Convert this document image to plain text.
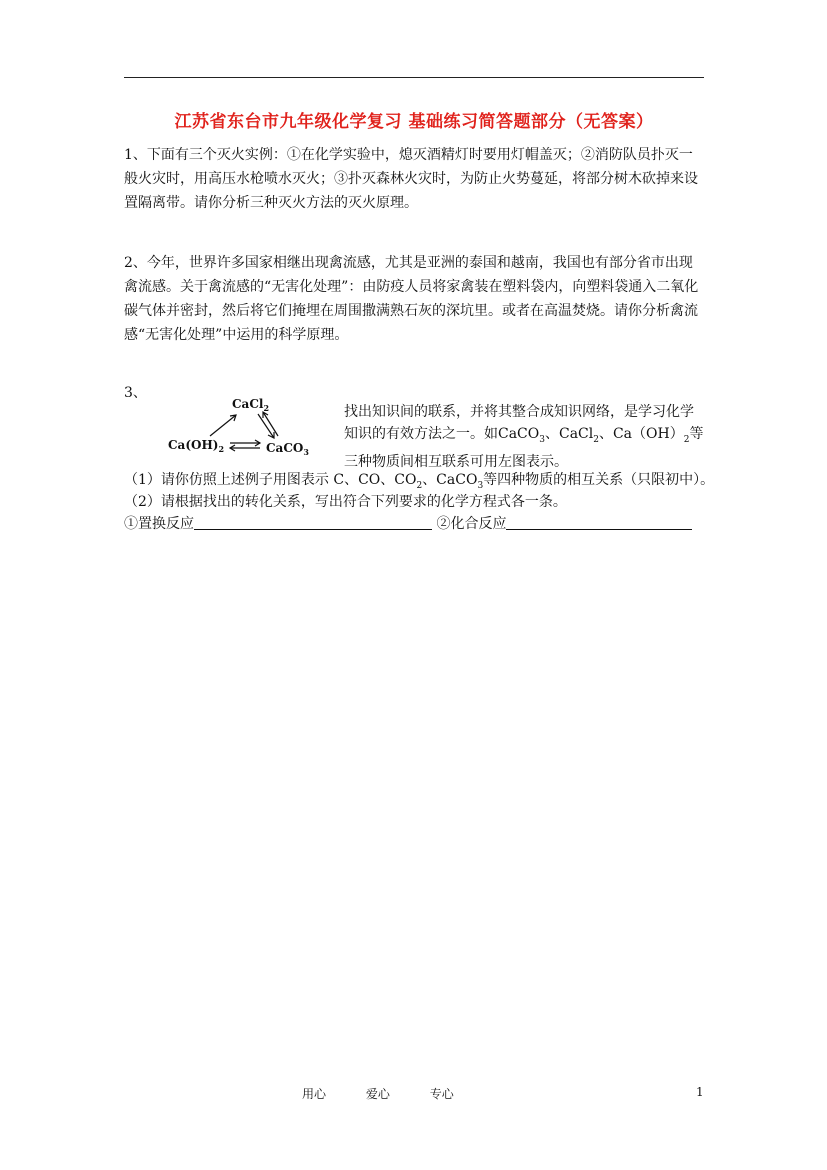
江苏省东台市九年级化学复习 基础练习简答题部分（无答案）
1、下面有三个灭火实例：①在化学实验中，熄灭酒精灯时要用灯帽盖灭；②消防队员扑灭一般火灾时，用高压水枪喷水灭火；③扑灭森林火灾时，为防止火势蔓延，将部分树木砍掉来设置隔离带。请你分析三种灭火方法的灭火原理。
2、今年，世界许多国家相继出现禽流感，尤其是亚洲的泰国和越南，我国也有部分省市出现禽流感。关于禽流感的“无害化处理”：由防疫人员将家禽装在塑料袋内，向塑料袋通入二氧化碳气体并密封，然后将它们掩埋在周围撒满熟石灰的深坑里。或者在高温焚烧。请你分析禽流感“无害化处理”中运用的科学原理。
3、
CaCl$_2$
$Ca(OH)_2$	CaCO$_3$
找出知识间的联系，并将其整合成知识网络，是学习化学知识的有效方法之一。如CaCO$_3$、CaCl$_2$、$Ca(OH)_2$等三种物质间相互联系可用左图表示。
（1）请你仿照上述例子用图表示 C、CO、$CO_2$、CaCO$_3$等四种物质的相互关系（只限初中）。
（2）请根据找出的转化关系，写出符合下列要求的化学方程式各一条。
①置换反应	②化合反应
用心	爱心	专心	1
